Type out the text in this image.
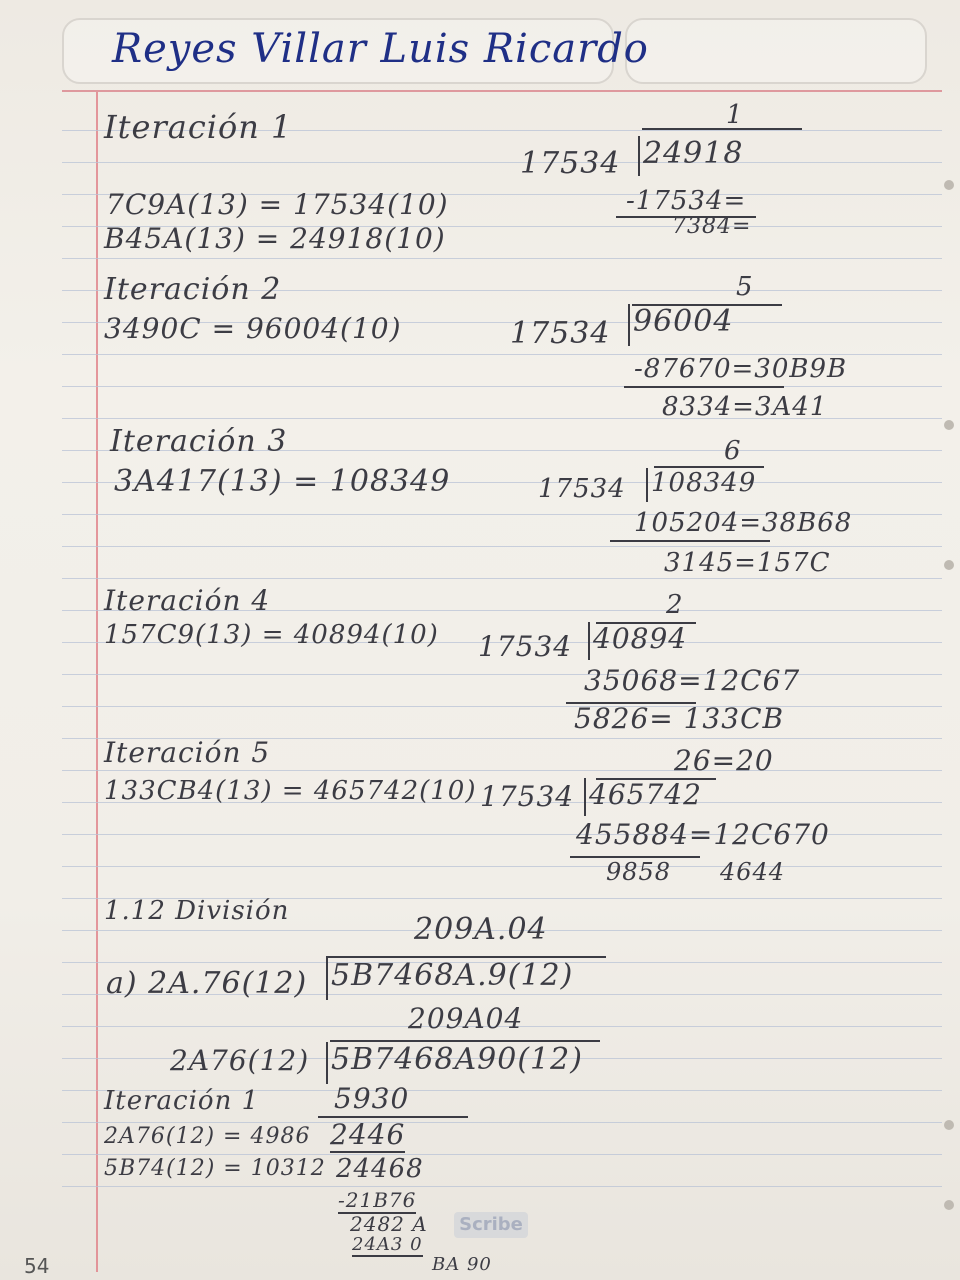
Reyes Villar Luis Ricardo
Iteración 1
7C9A(13) = 17534(10)
B45A(13) = 24918(10)
1
17534 24918
-17534=
7384=
Iteración 2
3490C = 96004(10)
5
17534 96004
-87670=30B9B
8334=3A41
Iteración 3
3A417(13) = 108349
6
17534 108349
105204=38B68
3145=157C
Iteración 4
157C9(13) = 40894(10)
2
17534 40894
35068=12C67
5826= 133CB
Iteración 5
133CB4(13) = 465742(10)
26=20
17534 465742
455884=12C670
9858 4644
1.12 División
209A.04
a) 2A.76(12) 5B7468A.9(12)
209A04
2A76(12) 5B7468A90(12)
Iteración 1
2A76(12) = 4986
5B74(12) = 10312
5930
2446
24468
-21B76
2482 A
24A3 0
BA 90
Scribe
54
